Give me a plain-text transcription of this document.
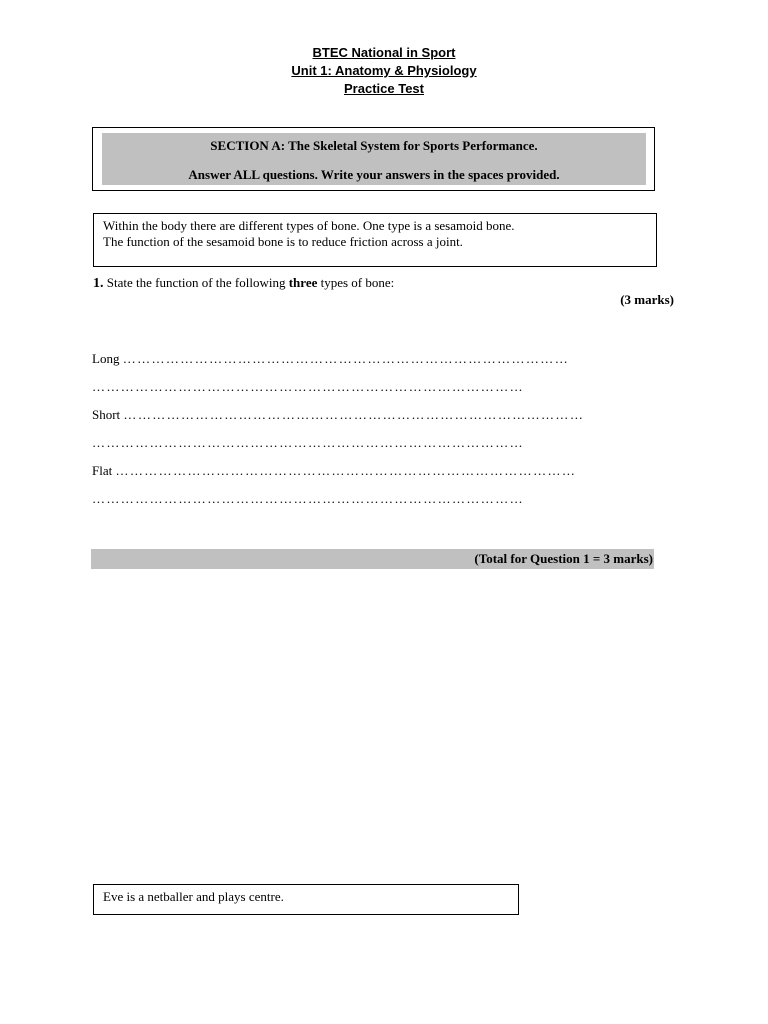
BTEC National in Sport
Unit 1: Anatomy & Physiology
Practice Test
SECTION A: The Skeletal System for Sports Performance.
Answer ALL questions. Write your answers in the spaces provided.
Within the body there are different types of bone. One type is a sesamoid bone.
The function of the sesamoid bone is to reduce friction across a joint.
1. State the function of the following three types of bone:
(3 marks)
Long …………………………………………………………………………………
………………………………………………………………………………
Short ……………………………………………………………………………………
………………………………………………………………………………
Flat ……………………………………………………………………………………
………………………………………………………………………………
(Total for Question 1 = 3 marks)
Eve is a netballer and plays centre.
